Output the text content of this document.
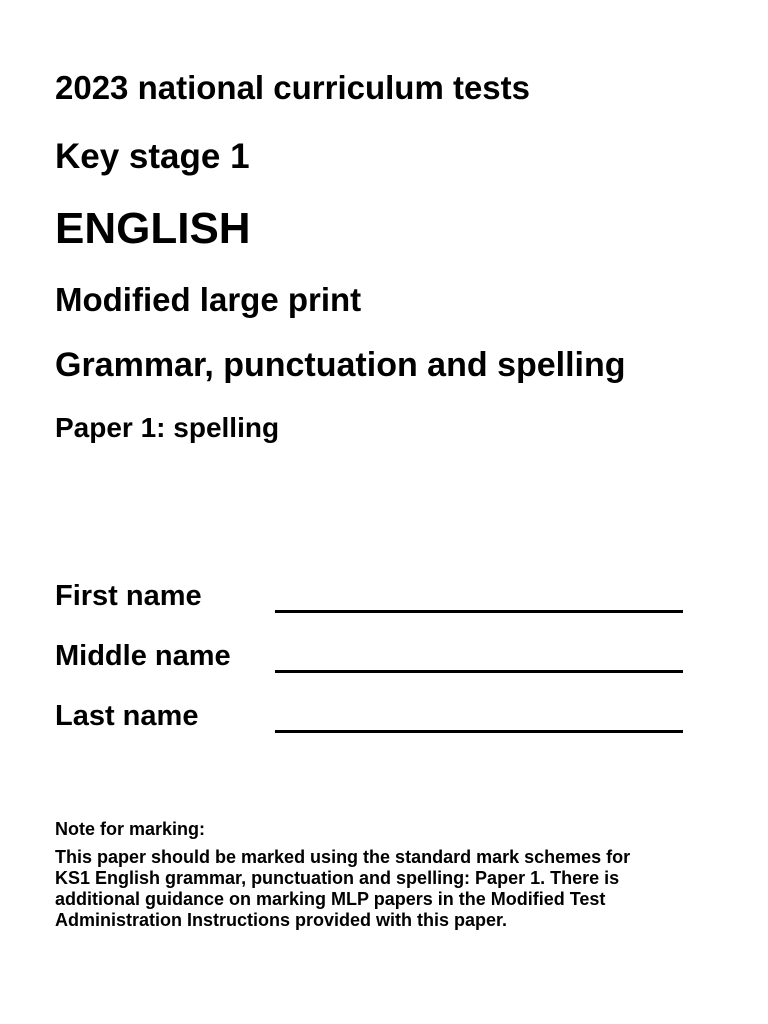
2023 national curriculum tests
Key stage 1
ENGLISH
Modified large print
Grammar, punctuation and spelling
Paper 1: spelling
First name
Middle name
Last name

Note for marking:

This paper should be marked using the standard mark schemes for
KS1 English grammar, punctuation and spelling: Paper 1. There is
additional guidance on marking MLP papers in the Modified Test
Administration Instructions provided with this paper.
